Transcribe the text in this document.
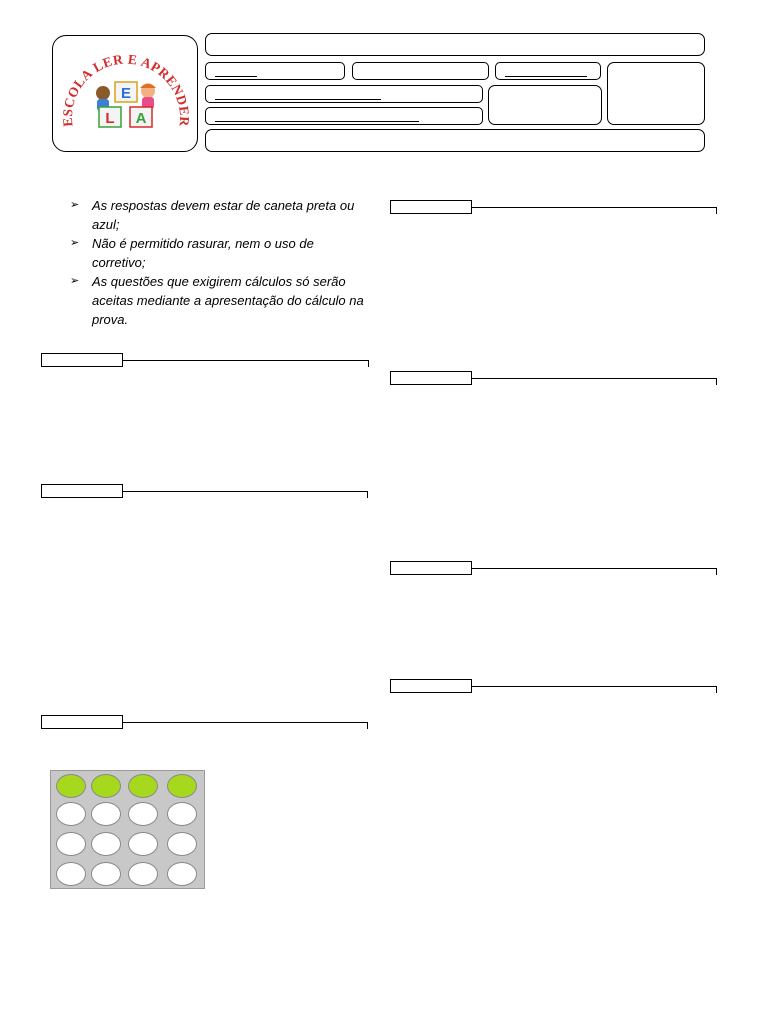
ESCOLA LER E APRENDER
E
L A

➢ As respostas devem estar de caneta preta ou azul;

➢ Não é permitido rasurar, nem o uso de corretivo;

➢ As questões que exigirem cálculos só serão aceitas mediante a apresentação do cálculo na prova.
